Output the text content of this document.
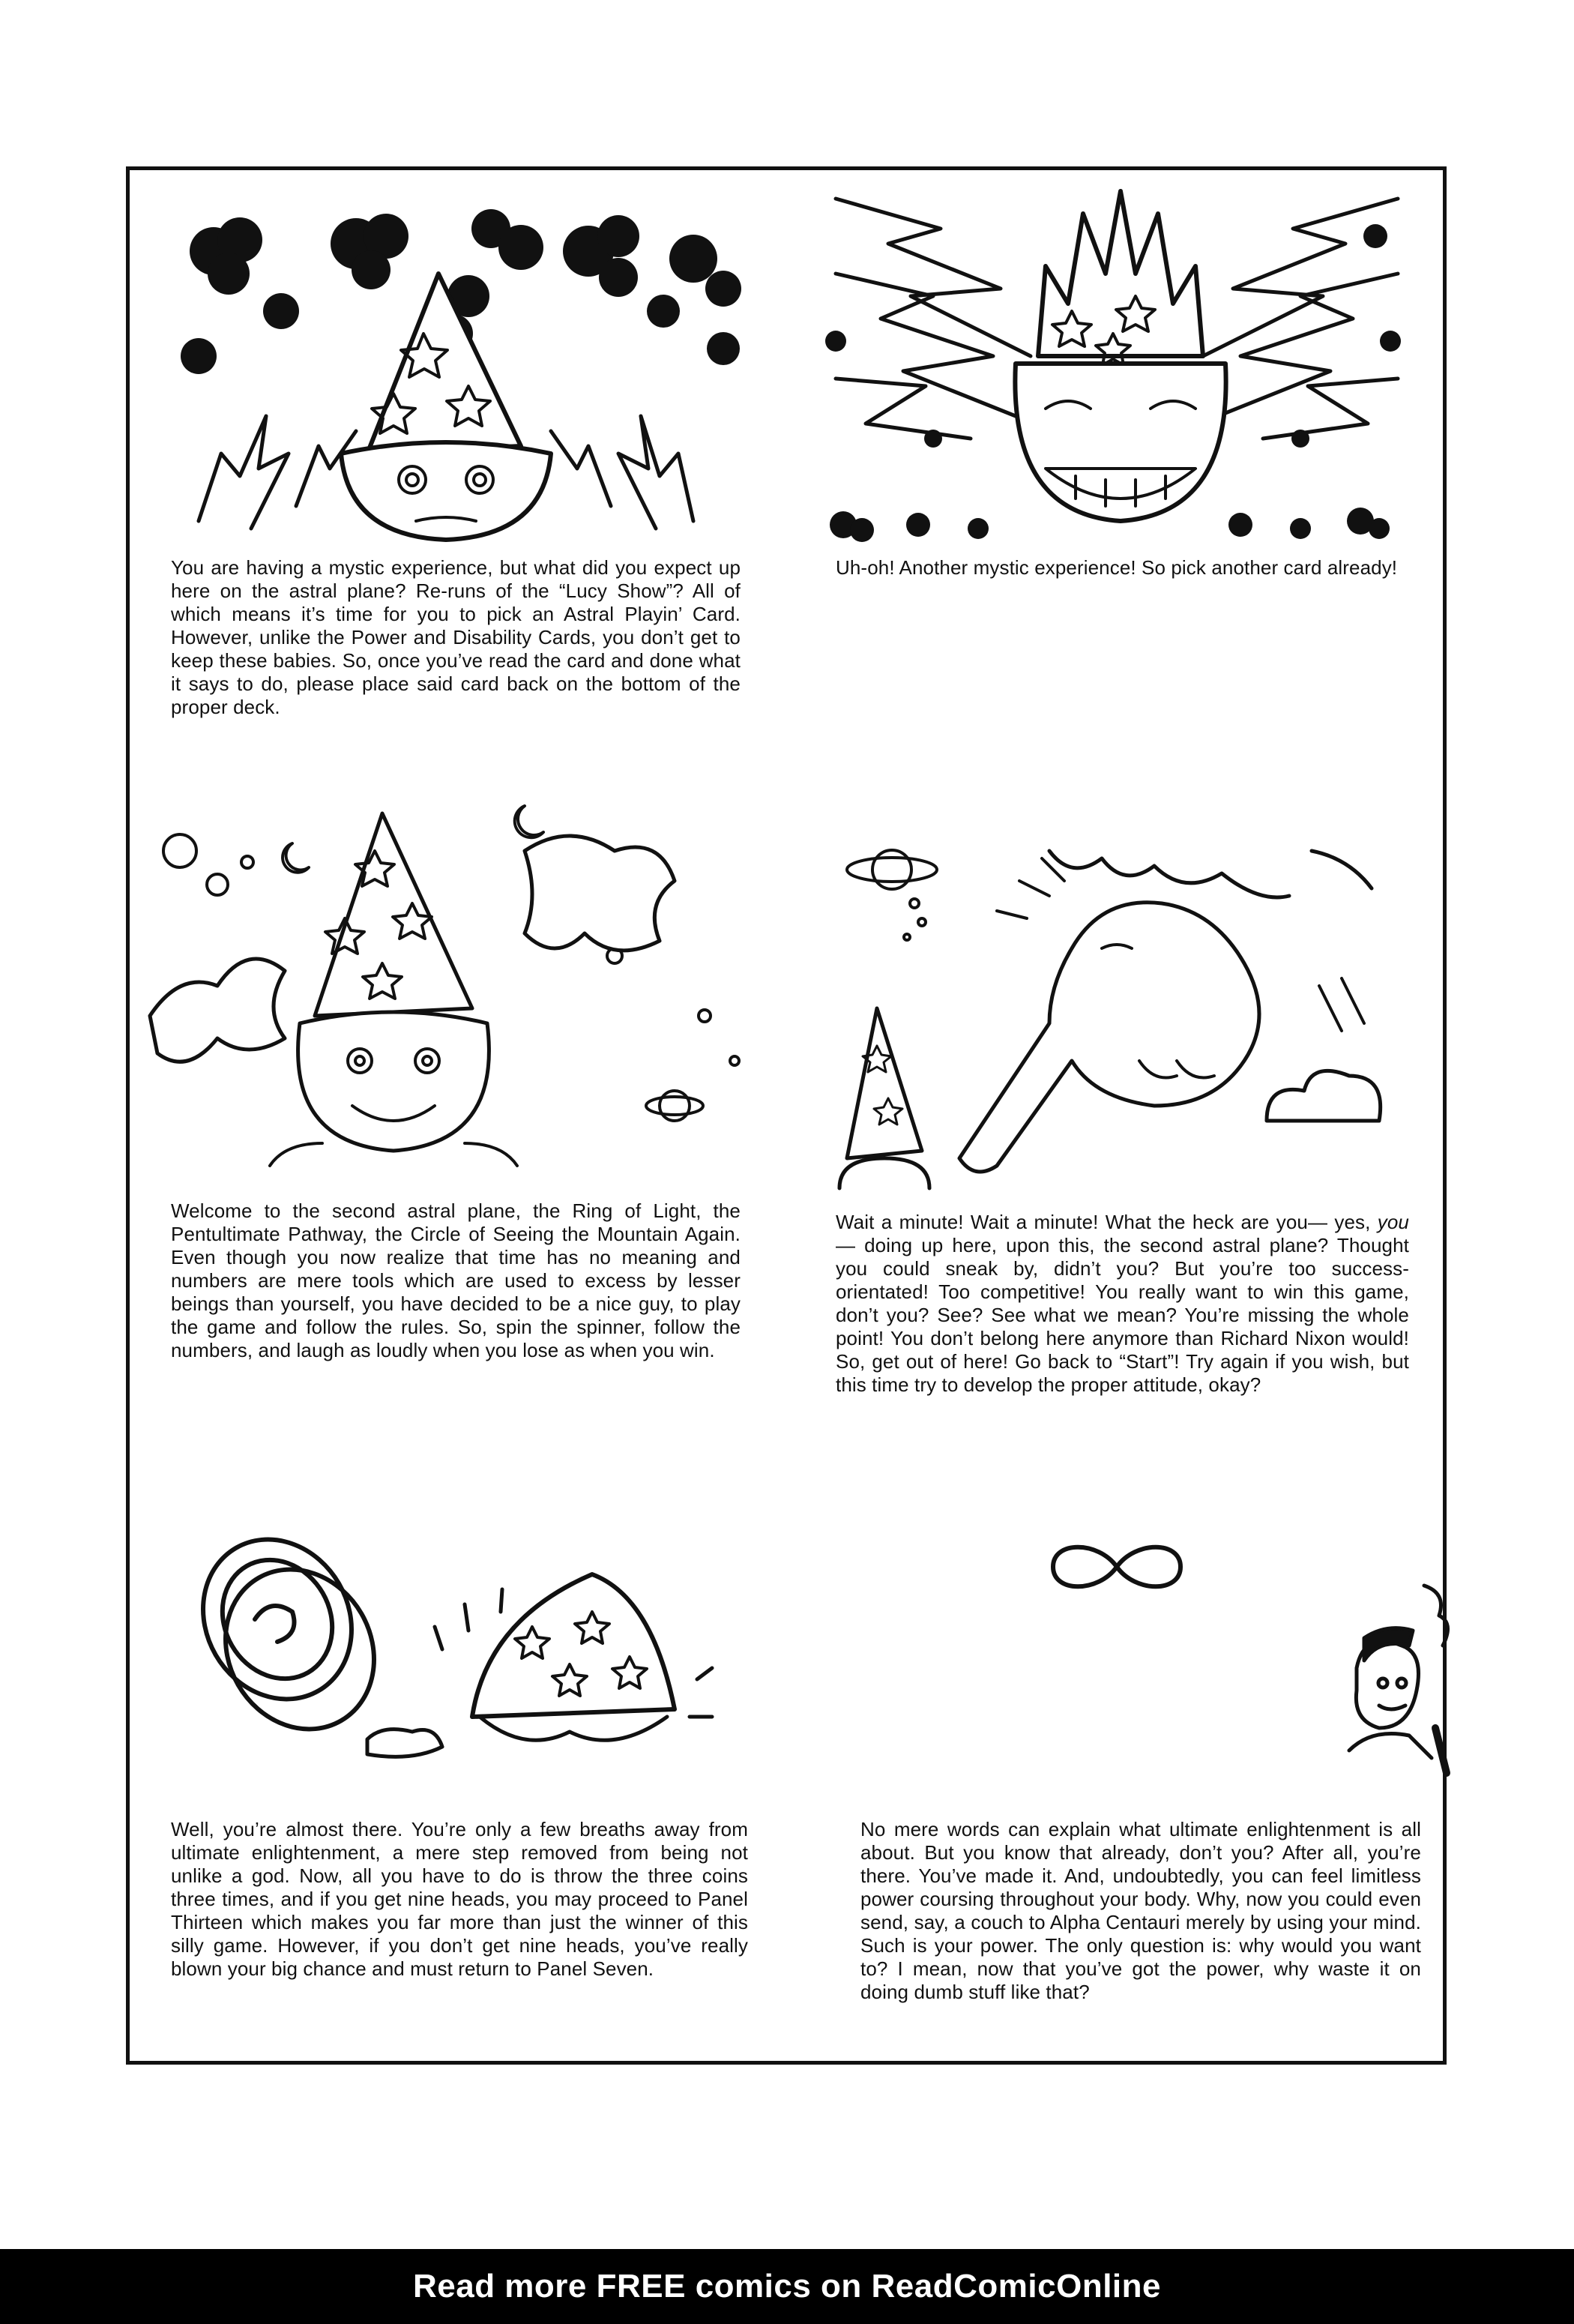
You are having a mystic experience, but what did you expect up here on the astral plane? Re-runs of the “Lucy Show”? All of which means it’s time for you to pick an Astral Playin’ Card. However, unlike the Power and Disability Cards, you don’t get to keep these babies. So, once you’ve read the card and done what it says to do, please place said card back on the bottom of the proper deck.
Uh-oh! Another mystic experience! So pick another card already!
Welcome to the second astral plane, the Ring of Light, the Pentultimate Pathway, the Circle of Seeing the Mountain Again. Even though you now realize that time has no meaning and numbers are mere tools which are used to excess by lesser beings than yourself, you have decided to be a nice guy, to play the game and follow the rules. So, spin the spinner, follow the numbers, and laugh as loudly when you lose as when you win.
Wait a minute! Wait a minute! What the heck are you— yes, you— doing up here, upon this, the second astral plane? Thought you could sneak by, didn’t you? But you’re too success-orientated! Too competitive! You really want to win this game, don’t you? See? See what we mean? You’re missing the whole point! You don’t belong here anymore than Richard Nixon would! So, get out of here! Go back to “Start”! Try again if you wish, but this time try to develop the proper attitude, okay?
Well, you’re almost there. You’re only a few breaths away from ultimate enlightenment, a mere step removed from being not unlike a god. Now, all you have to do is throw the three coins three times, and if you get nine heads, you may proceed to Panel Thirteen which makes you far more than just the winner of this silly game. However, if you don’t get nine heads, you’ve really blown your big chance and must return to Panel Seven.
No mere words can explain what ultimate enlightenment is all about. But you know that already, don’t you? After all, you’re there. You’ve made it. And, undoubtedly, you can feel limitless power coursing throughout your body. Why, now you could even send, say, a couch to Alpha Centauri merely by using your mind. Such is your power. The only question is: why would you want to? I mean, now that you’ve got the power, why waste it on doing dumb stuff like that?
Read more FREE comics on ReadComicOnline
